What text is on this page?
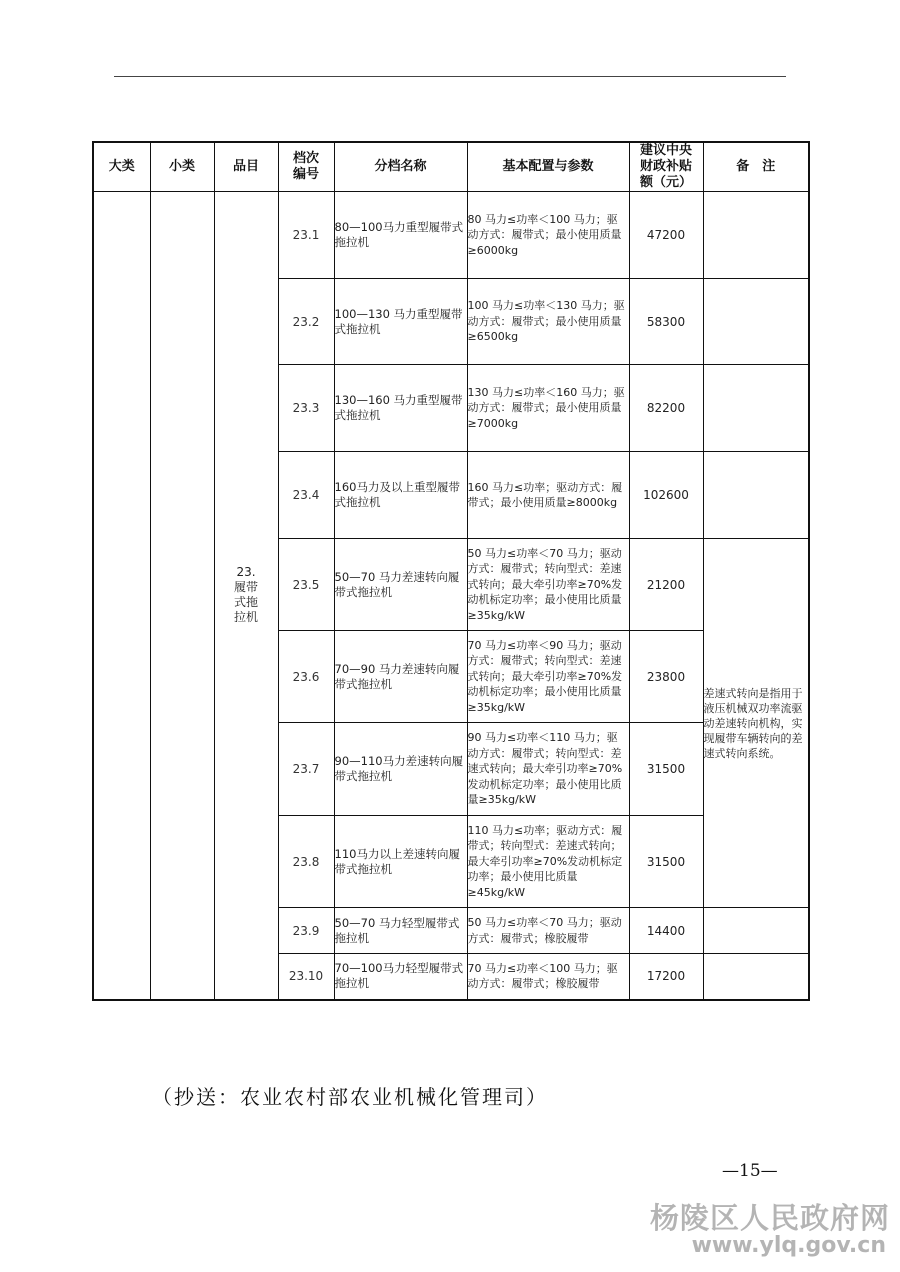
大类	小类	品目	档次编号	分档名称	基本配置与参数	建议中央财政补贴额（元）	备　注
		23.履带式拖拉机	23.1	80—100马力重型履带式拖拉机	80 马力≤功率＜100 马力；驱动方式：履带式；最小使用质量≥6000kg	47200	
			23.2	100—130 马力重型履带式拖拉机	100 马力≤功率＜130 马力；驱动方式：履带式；最小使用质量≥6500kg	58300	
			23.3	130—160 马力重型履带式拖拉机	130 马力≤功率＜160 马力；驱动方式：履带式；最小使用质量≥7000kg	82200	
			23.4	160马力及以上重型履带式拖拉机	160 马力≤功率；驱动方式：履带式；最小使用质量≥8000kg	102600	
			23.5	50—70 马力差速转向履带式拖拉机	50 马力≤功率＜70 马力；驱动方式：履带式；转向型式：差速式转向；最大牵引功率≥70%发动机标定功率；最小使用比质量≥35kg/kW	21200	差速式转向是指用于液压机械双功率流驱动差速转向机构，实现履带车辆转向的差速式转向系统。
			23.6	70—90 马力差速转向履带式拖拉机	70 马力≤功率＜90 马力；驱动方式：履带式；转向型式：差速式转向；最大牵引功率≥70%发动机标定功率；最小使用比质量≥35kg/kW	23800	
			23.7	90—110马力差速转向履带式拖拉机	90 马力≤功率＜110 马力；驱动方式：履带式；转向型式：差速式转向；最大牵引功率≥70%发动机标定功率；最小使用比质量≥35kg/kW	31500	
			23.8	110马力以上差速转向履带式拖拉机	110 马力≤功率；驱动方式：履带式；转向型式：差速式转向；最大牵引功率≥70%发动机标定功率；最小使用比质量≥45kg/kW	31500	
			23.9	50—70 马力轻型履带式拖拉机	50 马力≤功率＜70 马力；驱动方式：履带式；橡胶履带	14400	
			23.10	70—100马力轻型履带式拖拉机	70 马力≤功率＜100 马力；驱动方式：履带式；橡胶履带	17200	
（抄送：农业农村部农业机械化管理司）
—15—
杨陵区人民政府网
www.ylq.gov.cn
